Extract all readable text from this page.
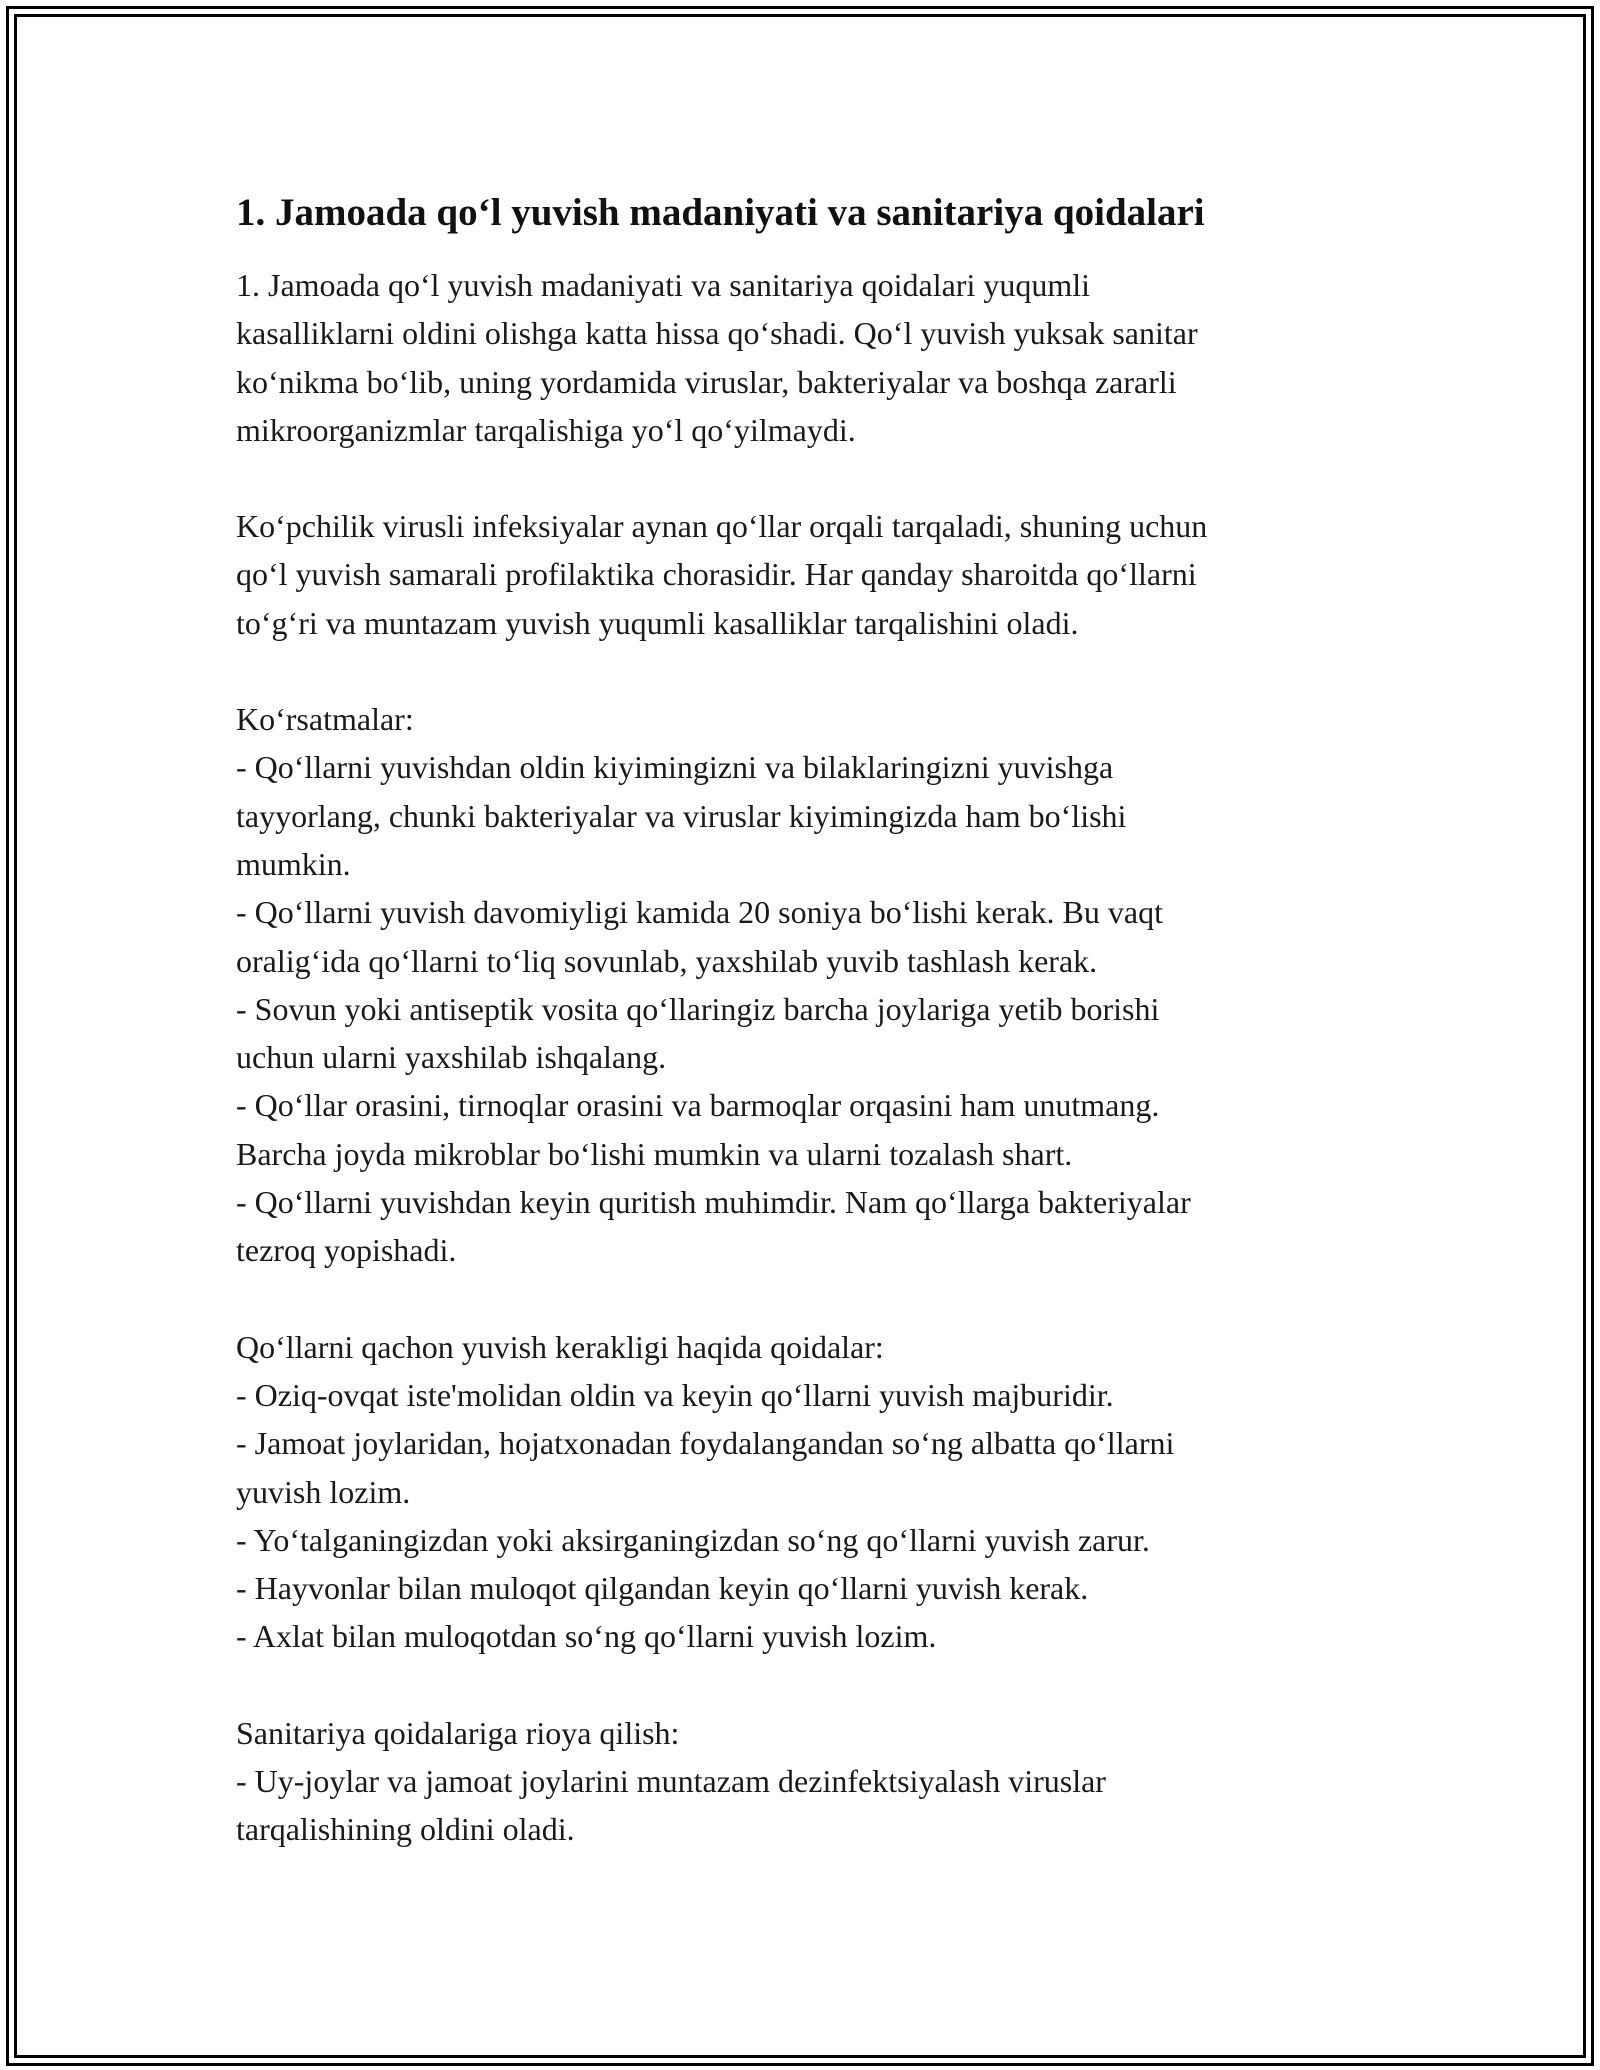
1. Jamoada qo‘l yuvish madaniyati va sanitariya qoidalari

1. Jamoada qo‘l yuvish madaniyati va sanitariya qoidalari yuqumli
kasalliklarni oldini olishga katta hissa qo‘shadi. Qo‘l yuvish yuksak sanitar
ko‘nikma bo‘lib, uning yordamida viruslar, bakteriyalar va boshqa zararli
mikroorganizmlar tarqalishiga yo‘l qo‘yilmaydi.

Ko‘pchilik virusli infeksiyalar aynan qo‘llar orqali tarqaladi, shuning uchun
qo‘l yuvish samarali profilaktika chorasidir. Har qanday sharoitda qo‘llarni
to‘g‘ri va muntazam yuvish yuqumli kasalliklar tarqalishini oladi.

Ko‘rsatmalar:
- Qo‘llarni yuvishdan oldin kiyimingizni va bilaklaringizni yuvishga
tayyorlang, chunki bakteriyalar va viruslar kiyimingizda ham bo‘lishi
mumkin.
- Qo‘llarni yuvish davomiyligi kamida 20 soniya bo‘lishi kerak. Bu vaqt
oralig‘ida qo‘llarni to‘liq sovunlab, yaxshilab yuvib tashlash kerak.
- Sovun yoki antiseptik vosita qo‘llaringiz barcha joylariga yetib borishi
uchun ularni yaxshilab ishqalang.
- Qo‘llar orasini, tirnoqlar orasini va barmoqlar orqasini ham unutmang.
Barcha joyda mikroblar bo‘lishi mumkin va ularni tozalash shart.
- Qo‘llarni yuvishdan keyin quritish muhimdir. Nam qo‘llarga bakteriyalar
tezroq yopishadi.

Qo‘llarni qachon yuvish kerakligi haqida qoidalar:
- Oziq-ovqat iste'molidan oldin va keyin qo‘llarni yuvish majburidir.
- Jamoat joylaridan, hojatxonadan foydalangandan so‘ng albatta qo‘llarni
yuvish lozim.
- Yo‘talganingizdan yoki aksirganingizdan so‘ng qo‘llarni yuvish zarur.
- Hayvonlar bilan muloqot qilgandan keyin qo‘llarni yuvish kerak.
- Axlat bilan muloqotdan so‘ng qo‘llarni yuvish lozim.

Sanitariya qoidalariga rioya qilish:
- Uy-joylar va jamoat joylarini muntazam dezinfektsiyalash viruslar
tarqalishining oldini oladi.
